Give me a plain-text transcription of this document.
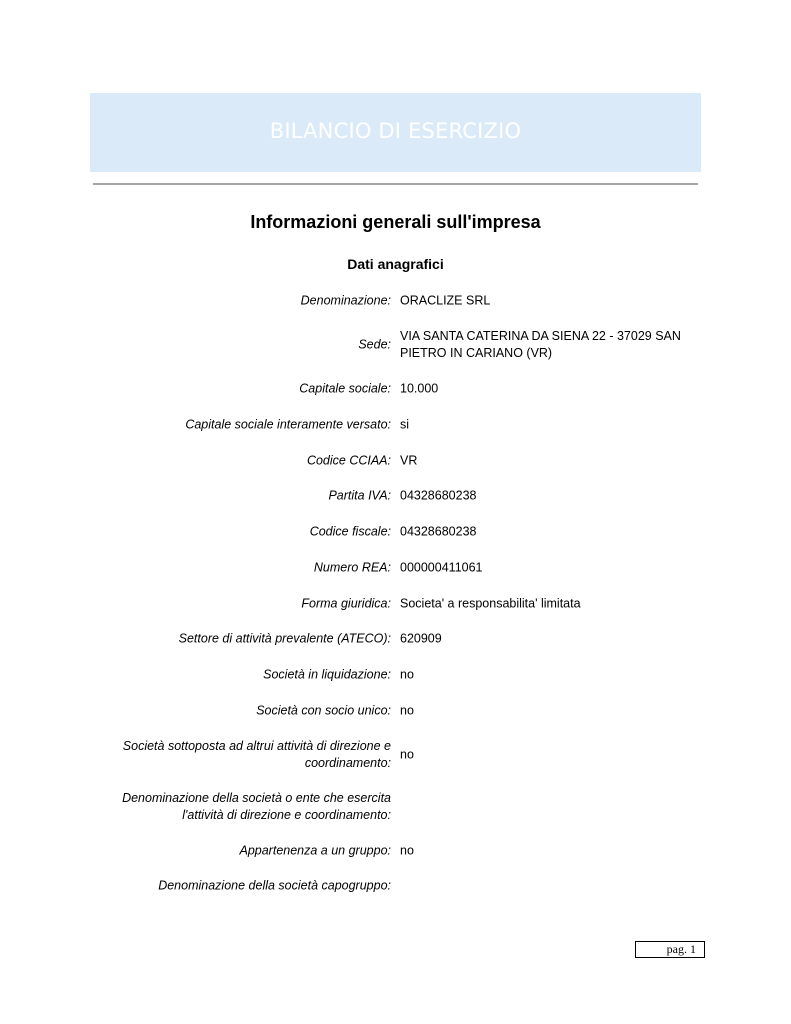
BILANCIO DI ESERCIZIO
Informazioni generali sull'impresa
Dati anagrafici
Denominazione: ORACLIZE SRL
Sede:
VIA SANTA CATERINA DA SIENA 22 - 37029 SAN PIETRO IN CARIANO (VR)
Capitale sociale: 10.000
Capitale sociale interamente versato: si
Codice CCIAA: VR
Partita IVA: 04328680238
Codice fiscale: 04328680238
Numero REA: 000000411061
Forma giuridica: Societa' a responsabilita' limitata
Settore di attività prevalente (ATECO): 620909
Società in liquidazione: no
Società con socio unico: no
Società sottoposta ad altrui attività di direzione e coordinamento:
no
Denominazione della società o ente che esercita l'attività di direzione e coordinamento:
Appartenenza a un gruppo: no
Denominazione della società capogruppo:
pag. 1
